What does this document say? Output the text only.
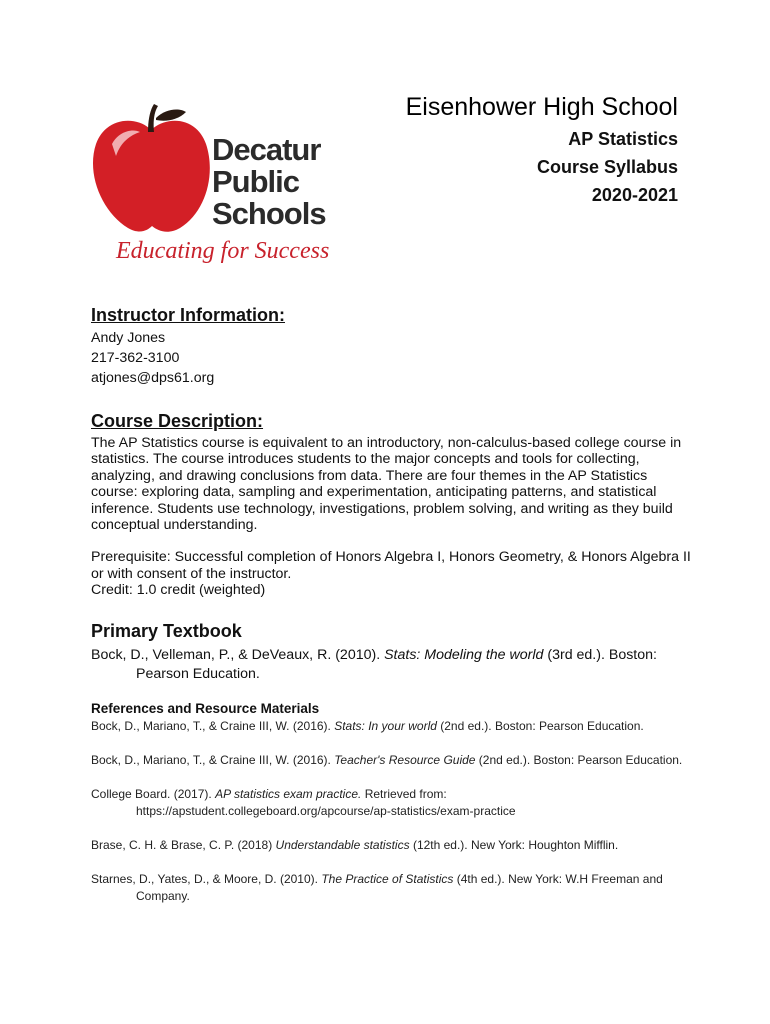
Decatur
Public
Schools
Educating for Success
Eisenhower High School
AP Statistics
Course Syllabus
2020-2021

Instructor Information:

Andy Jones

217-362-3100

atjones@dps61.org

Course Description:

The AP Statistics course is equivalent to an introductory, non-calculus-based college course in statistics. The course introduces students to the major concepts and tools for collecting, analyzing, and drawing conclusions from data. There are four themes in the AP Statistics course: exploring data, sampling and experimentation, anticipating patterns, and statistical inference. Students use technology, investigations, problem solving, and writing as they build conceptual understanding.

Prerequisite: Successful completion of Honors Algebra I, Honors Geometry, & Honors Algebra II or with consent of the instructor.

Credit: 1.0 credit (weighted)

Primary Textbook

Bock, D., Velleman, P., & DeVeaux, R. (2010). Stats: Modeling the world (3rd ed.). Boston: Pearson Education.

References and Resource Materials

Bock, D., Mariano, T., & Craine III, W. (2016). Stats: In your world (2nd ed.). Boston: Pearson Education.

Bock, D., Mariano, T., & Craine III, W. (2016). Teacher's Resource Guide (2nd ed.). Boston: Pearson Education.

College Board. (2017). AP statistics exam practice. Retrieved from: https://apstudent.collegeboard.org/apcourse/ap-statistics/exam-practice

Brase, C. H. & Brase, C. P. (2018) Understandable statistics (12th ed.). New York: Houghton Mifflin.

Starnes, D., Yates, D., & Moore, D. (2010). The Practice of Statistics (4th ed.). New York: W.H Freeman and Company.
